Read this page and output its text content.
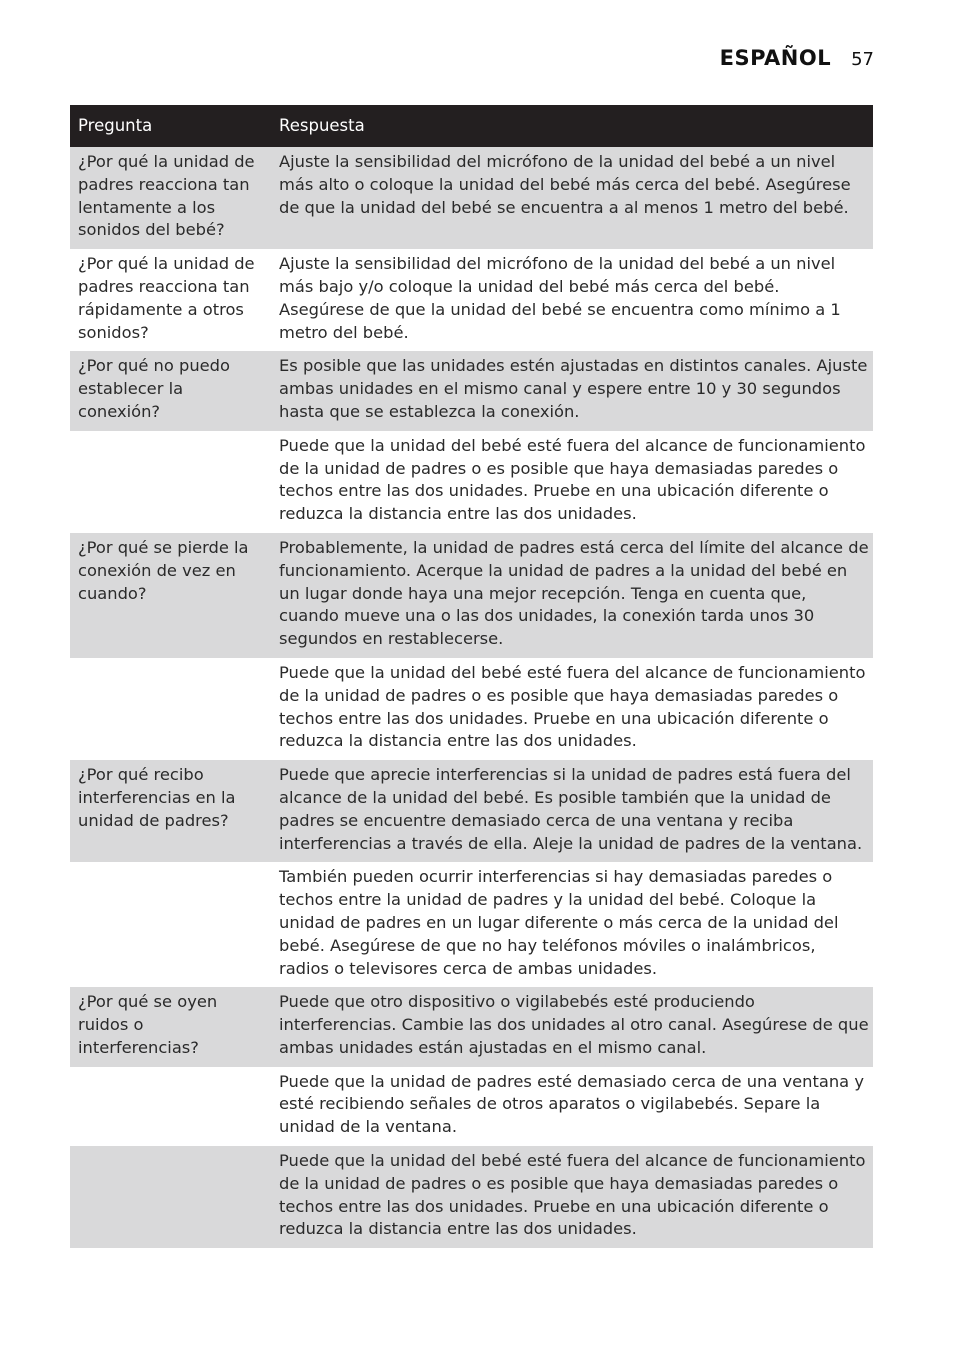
ESPAÑOL 57
Pregunta	Respuesta
¿Por qué la unidad de padres reacciona tan lentamente a los sonidos del bebé?	Ajuste la sensibilidad del micrófono de la unidad del bebé a un nivel más alto o coloque la unidad del bebé más cerca del bebé. Asegúrese de que la unidad del bebé se encuentra a al menos 1 metro del bebé.
¿Por qué la unidad de padres reacciona tan rápidamente a otros sonidos?	Ajuste la sensibilidad del micrófono de la unidad del bebé a un nivel más bajo y/o coloque la unidad del bebé más cerca del bebé. Asegúrese de que la unidad del bebé se encuentra como mínimo a 1 metro del bebé.
¿Por qué no puedo establecer la conexión?	Es posible que las unidades estén ajustadas en distintos canales. Ajuste ambas unidades en el mismo canal y espere entre 10 y 30 segundos hasta que se establezca la conexión.
	Puede que la unidad del bebé esté fuera del alcance de funcionamiento de la unidad de padres o es posible que haya demasiadas paredes o techos entre las dos unidades. Pruebe en una ubicación diferente o reduzca la distancia entre las dos unidades.
¿Por qué se pierde la conexión de vez en cuando?	Probablemente, la unidad de padres está cerca del límite del alcance de funcionamiento. Acerque la unidad de padres a la unidad del bebé en un lugar donde haya una mejor recepción. Tenga en cuenta que, cuando mueve una o las dos unidades, la conexión tarda unos 30 segundos en restablecerse.
	Puede que la unidad del bebé esté fuera del alcance de funcionamiento de la unidad de padres o es posible que haya demasiadas paredes o techos entre las dos unidades. Pruebe en una ubicación diferente o reduzca la distancia entre las dos unidades.
¿Por qué recibo interferencias en la unidad de padres?	Puede que aprecie interferencias si la unidad de padres está fuera del alcance de la unidad del bebé. Es posible también que la unidad de padres se encuentre demasiado cerca de una ventana y reciba interferencias a través de ella. Aleje la unidad de padres de la ventana.
	También pueden ocurrir interferencias si hay demasiadas paredes o techos entre la unidad de padres y la unidad del bebé. Coloque la unidad de padres en un lugar diferente o más cerca de la unidad del bebé. Asegúrese de que no hay teléfonos móviles o inalámbricos, radios o televisores cerca de ambas unidades.
¿Por qué se oyen ruidos o interferencias?	Puede que otro dispositivo o vigilabebés esté produciendo interferencias. Cambie las dos unidades al otro canal. Asegúrese de que ambas unidades están ajustadas en el mismo canal.
	Puede que la unidad de padres esté demasiado cerca de una ventana y esté recibiendo señales de otros aparatos o vigilabebés. Separe la unidad de la ventana.
	Puede que la unidad del bebé esté fuera del alcance de funcionamiento de la unidad de padres o es posible que haya demasiadas paredes o techos entre las dos unidades. Pruebe en una ubicación diferente o reduzca la distancia entre las dos unidades.
